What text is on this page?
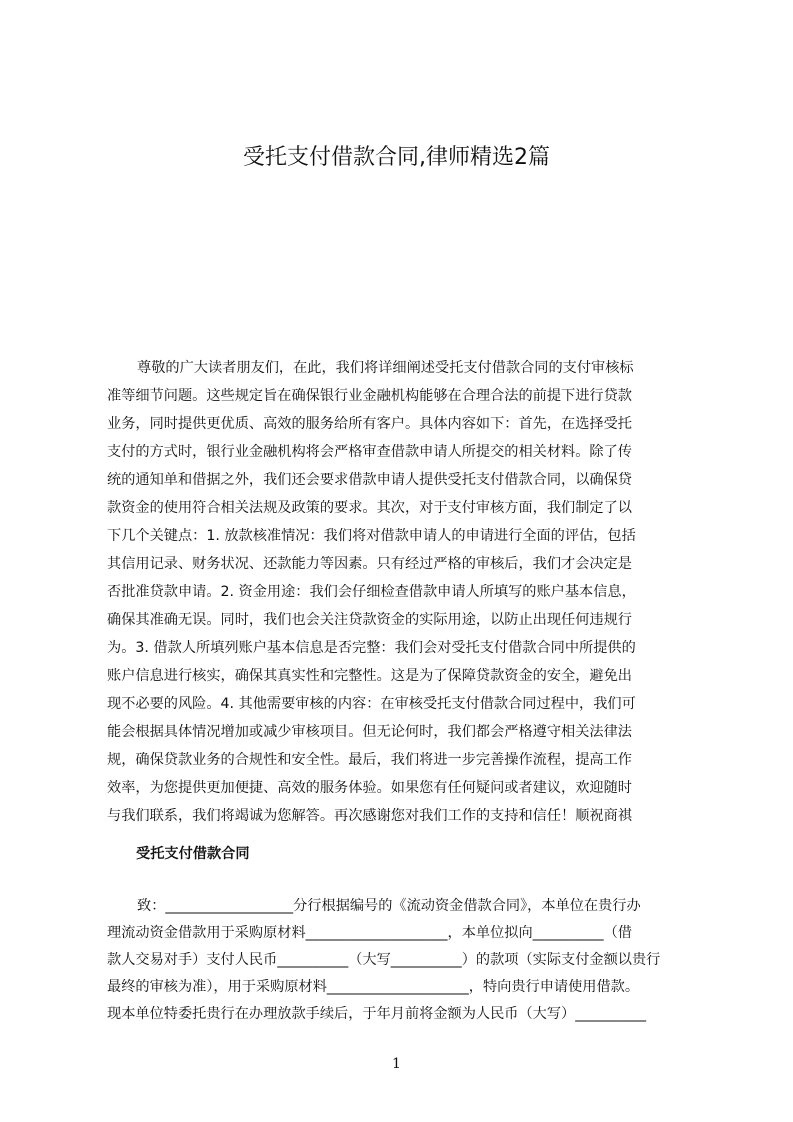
受托支付借款合同,律师精选2篇
尊敬的广大读者朋友们，在此，我们将详细阐述受托支付借款合同的支付审核标
准等细节问题。这些规定旨在确保银行业金融机构能够在合理合法的前提下进行贷款
业务，同时提供更优质、高效的服务给所有客户。具体内容如下：首先，在选择受托
支付的方式时，银行业金融机构将会严格审查借款申请人所提交的相关材料。除了传
统的通知单和借据之外，我们还会要求借款申请人提供受托支付借款合同，以确保贷
款资金的使用符合相关法规及政策的要求。其次，对于支付审核方面，我们制定了以
下几个关键点：1. 放款核准情况：我们将对借款申请人的申请进行全面的评估，包括
其信用记录、财务状况、还款能力等因素。只有经过严格的审核后，我们才会决定是
否批准贷款申请。2. 资金用途：我们会仔细检查借款申请人所填写的账户基本信息，
确保其准确无误。同时，我们也会关注贷款资金的实际用途，以防止出现任何违规行
为。3. 借款人所填列账户基本信息是否完整：我们会对受托支付借款合同中所提供的
账户信息进行核实，确保其真实性和完整性。这是为了保障贷款资金的安全，避免出
现不必要的风险。4. 其他需要审核的内容：在审核受托支付借款合同过程中，我们可
能会根据具体情况增加或减少审核项目。但无论何时，我们都会严格遵守相关法律法
规，确保贷款业务的合规性和安全性。最后，我们将进一步完善操作流程，提高工作
效率，为您提供更加便捷、高效的服务体验。如果您有任何疑问或者建议，欢迎随时
与我们联系，我们将竭诚为您解答。再次感谢您对我们工作的支持和信任！顺祝商祺
受托支付借款合同
致：__________________分行根据编号的《流动资金借款合同》，本单位在贵行办
理流动资金借款用于采购原材料____________________，本单位拟向__________（借
款人交易对手）支付人民币__________（大写__________）的款项（实际支付金额以贵行
最终的审核为准），用于采购原材料____________________，特向贵行申请使用借款。
现本单位特委托贵行在办理放款手续后，于年月前将金额为人民币（大写）__________
1
